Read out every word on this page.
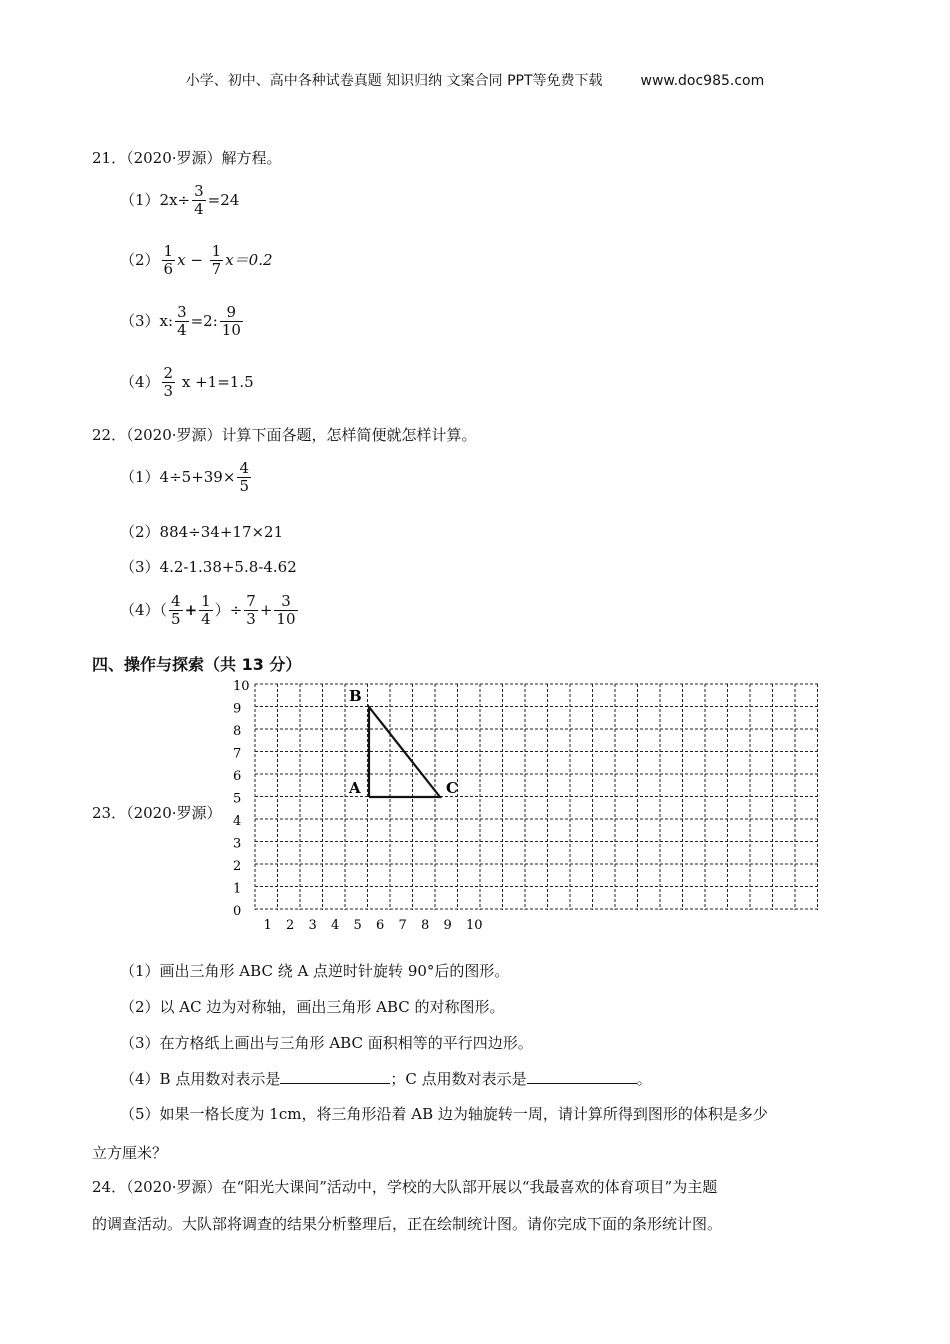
小学、初中、高中各种试卷真题 知识归纳 文案合同 PPT等免费下载	www.doc985.com
21．（2020·罗源）解方程。
$(1)2x\div \frac{3}{4} =24$
$(2) \frac{1}{6}$ $x - \frac{1}{7} x=0.2$
（3）x: $\frac{3}{4} =2$: $\frac{9}{10}$
$(4) \frac{2}{3}$ x +1=1.5
22．（2020·罗源）计算下面各题，怎样简便就怎样计算。
$(1)4\div 5+39\times \frac{4}{5}$
（2）884÷34+17×21
（3）4.2-1.38+5.8-4.62
$(4)( \frac{4}{5} + \frac{1}{4}$ ）÷ $\frac{7}{3} + \frac{3}{10}$
四、操作与探索（共 13 分）
23．（2020·罗源）
0
1
2
3
4
5
6
7
8
9
10
1 2 3 4 5 6 7 8 9 10
B
A	C
（1）画出三角形 ABC 绕 A 点逆时针旋转 90°后的图形。
（2）以 AC 边为对称轴，画出三角形 ABC 的对称图形。
（3）在方格纸上画出与三角形 ABC 面积相等的平行四边形。
（4）B 点用数对表示是	；C 点用数对表示是	。
（5）如果一格长度为 1cm，将三角形沿着 AB 边为轴旋转一周，请计算所得到图形的体积是多少
立方厘米？
24．（2020·罗源）在“阳光大课间”活动中，学校的大队部开展以“我最喜欢的体育项目”为主题
的调查活动。大队部将调查的结果分析整理后，正在绘制统计图。请你完成下面的条形统计图。
